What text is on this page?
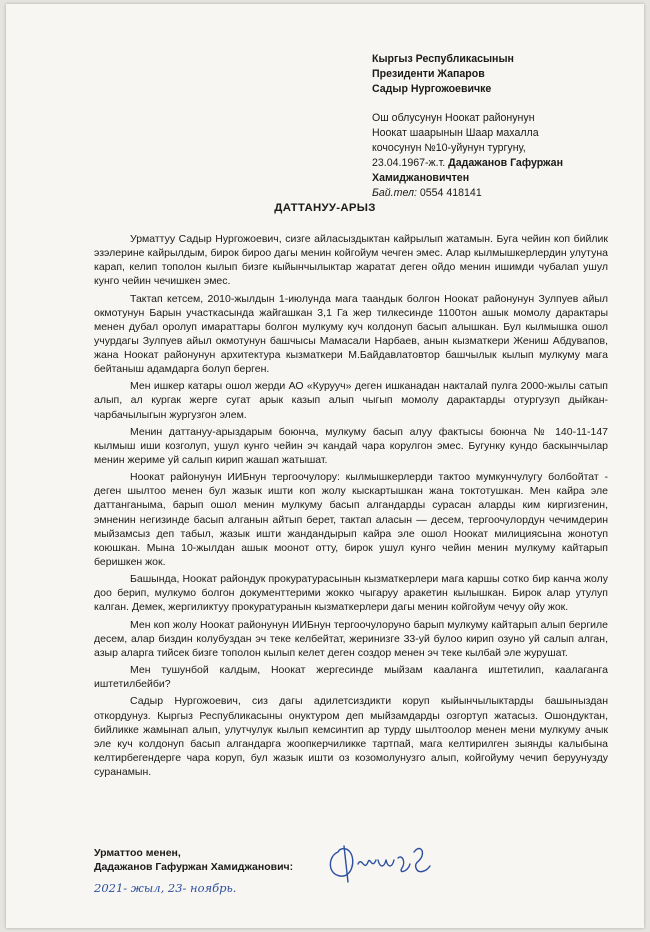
Кыргыз Республикасынын
Президенти Жапаров
Садыр Нургожоевичке
Ош облусунун Ноокат районунун
Ноокат шаарынын Шаар махалла
кочосунун №10-уйунун тургуну,
23.04.1967-ж.т. Дадажанов Гафуржан
Хамиджановичтен
Бай.тел: 0554 418141
ДАТТАНУУ-АРЫЗ

Урматтуу Садыр Нургожоевич, сизге айласыздыктан кайрылып жатамын. Буга чейин коп бийлик эзэлерине кайрылдым, бирок бироо дагы менин койгойум чечген эмес. Алар кылмышкерлердин улутуна карап, келип тополон кылып бизге кыйынчылыктар жаратат деген ойдо менин ишимди чубалап ушул кунго чейин чечишкен эмес.

Тактап кетсем, 2010-жылдын 1-июлунда мага таандык болгон Ноокат районунун Зулпуев айыл окмотунун Барын участкасында жайгашкан 3,1 Га жер тилкесинде 1100тон ашык момолу дарактары менен дубал оролуп имараттары болгон мулкуму куч колдонуп басып алышкан. Бул кылмышка ошол учурдагы Зулпуев айыл окмотунун башчысы Мамасали Нарбаев, анын кызматкери Жениш Абдувапов, жана Ноокат районунун архитектура кызматкери М.Байдавлатовтор башчылык кылып мулкуму мага бейтаныш адамдарга болуп берген.

Мен ишкер катары ошол жерди АО «Курууч» деген ишканадан накталай пулга 2000-жылы сатып алып, ал кургак жерге сугат арык казып алып чыгып момолу дарактарды отургузуп дыйкан-чарбачылыгын жургузгон элем.

Менин даттануу-арыздарым боюнча, мулкуму басып алуу фактысы боюнча № 140-11-147 кылмыш иши козголуп, ушул кунго чейин эч кандай чара корулгон эмес. Бугунку кундо баскынчылар менин жериме уй салып кирип жашап жатышат.

Ноокат районунун ИИБнун тергоочулору: кылмышкерлерди тактоо мумкунчулугу болбойтат - деген шылтоо менен бул жазык ишти коп жолу кыскартышкан жана токтотушкан. Мен кайра эле даттанганыма, барып ошол менин мулкуму басып алгандарды сурасан аларды ким киргизгенин, эмненин негизинде басып алганын айтып берет, тактап аласын — десем, тергоочулордун чечимдерин мыйзамсыз деп табыл, жазык ишти жандандырып кайра эле ошол Ноокат милициясына жонотуп коюшкан. Мына 10-жылдан ашык моонот отту, бирок ушул кунго чейин менин мулкуму кайтарып беришкен жок.

Башында, Ноокат райондук прокуратурасынын кызматкерлери мага каршы сотко бир канча жолу доо берип, мулкумо болгон документтерими жокко чыгаруу аракетин кылышкан. Бирок алар утулуп калган. Демек, жергиликтуу прокуратуранын кызматкерлери дагы менин койгойум чечуу ойу жок.

Мен коп жолу Ноокат районунун ИИБнун тергоочулоруно барып мулкуму кайтарып алып бергиле десем, алар биздин колубуздан эч теке келбейтат, жеринизге 33-уй булоо кирип озуно уй салып алган, азыр аларга тийсек бизге тополон кылып келет деген создор менен эч теке кылбай эле журушат.

Мен тушунбой калдым, Ноокат жергесинде мыйзам каалангa иштетилип, каалаганга иштетилбейби?

Садыр Нургожоевич, сиз дагы адилетсиздикти коруп кыйынчылыктарды башыныздан откордунуз. Кыргыз Республикасыны онуктуром деп мыйзамдарды озгортуп жатасыз. Ошондуктан, бийликке жамынап алып, улутчулук кылып кемсинтип ар турду шылтоолор менен мени мулкуму ачык эле куч колдонуп басып алгандарга жоопкерчиликке тартпай, мага келтирилген зыянды калыбына келтирбегендерге чара коруп, бул жазык ишти оз козомолунузго алып, койгойуму чечип беруунузду суранамын.

Урматтоо менен,
Дадажанов Гафуржан Хамиджанович:
2021- жыл, 23- ноябрь.
